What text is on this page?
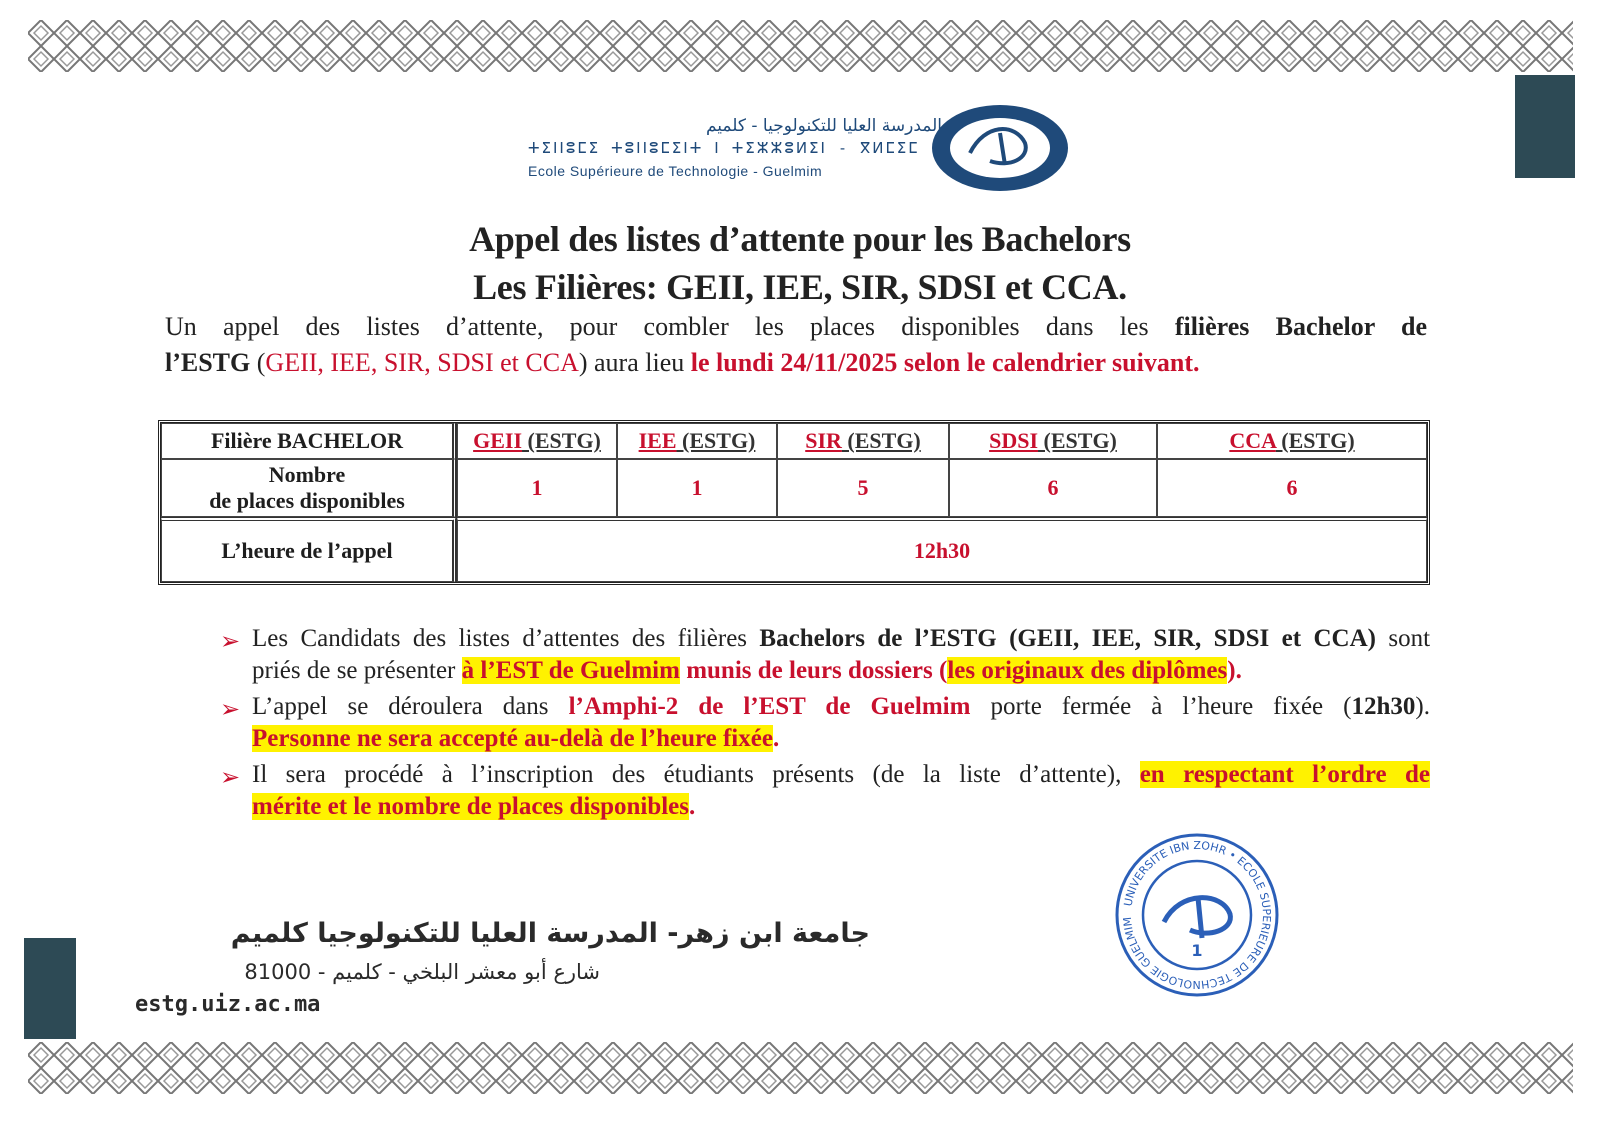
المدرسة العليا للتكنولوجيا - كلميم
ⵜⵉⵏⵏⵓⵎⵉ ⵜⵓⵏⵏⵓⵎⵉⵏⵜ ⵏ ⵜⵉⵣⵣⵓⵍⵉⵏ - ⴳⵍⵎⵉⵎ
Ecole Supérieure de Technologie - Guelmim
Appel des listes d’attente pour les Bachelors
Les Filières: GEII, IEE, SIR, SDSI et CCA.
Un appel des listes d’attente, pour combler les places disponibles dans les filières Bachelor de
l’ESTG (GEII, IEE, SIR, SDSI et CCA) aura lieu le lundi 24/11/2025 selon le calendrier suivant.
Filière BACHELOR	GEII (ESTG)	IEE (ESTG)	SIR (ESTG)	SDSI (ESTG)	CCA (ESTG)
Nombre
de places disponibles	1	1	5	6	6
L’heure de l’appel	12h30				
➢ Les Candidats des listes d’attentes des filières Bachelors de l’ESTG (GEII, IEE, SIR, SDSI et CCA) sont
priés de se présenter à l’EST de Guelmim munis de leurs dossiers (les originaux des diplômes).
➢ L’appel se déroulera dans l’Amphi-2 de l’EST de Guelmim porte fermée à l’heure fixée (12h30).
Personne ne sera accepté au-delà de l’heure fixée.
➢ Il sera procédé à l’inscription des étudiants présents (de la liste d’attente), en respectant l’ordre de
mérite et le nombre de places disponibles.
UNIVERSITE IBN ZOHR • ECOLE SUPERIEURE DE TECHNOLOGIE GUELMIM
1
جامعة ابن زهر- المدرسة العليا للتكنولوجيا كلميم
شارع أبو معشر البلخي - كلميم - 81000
estg.uiz.ac.ma
